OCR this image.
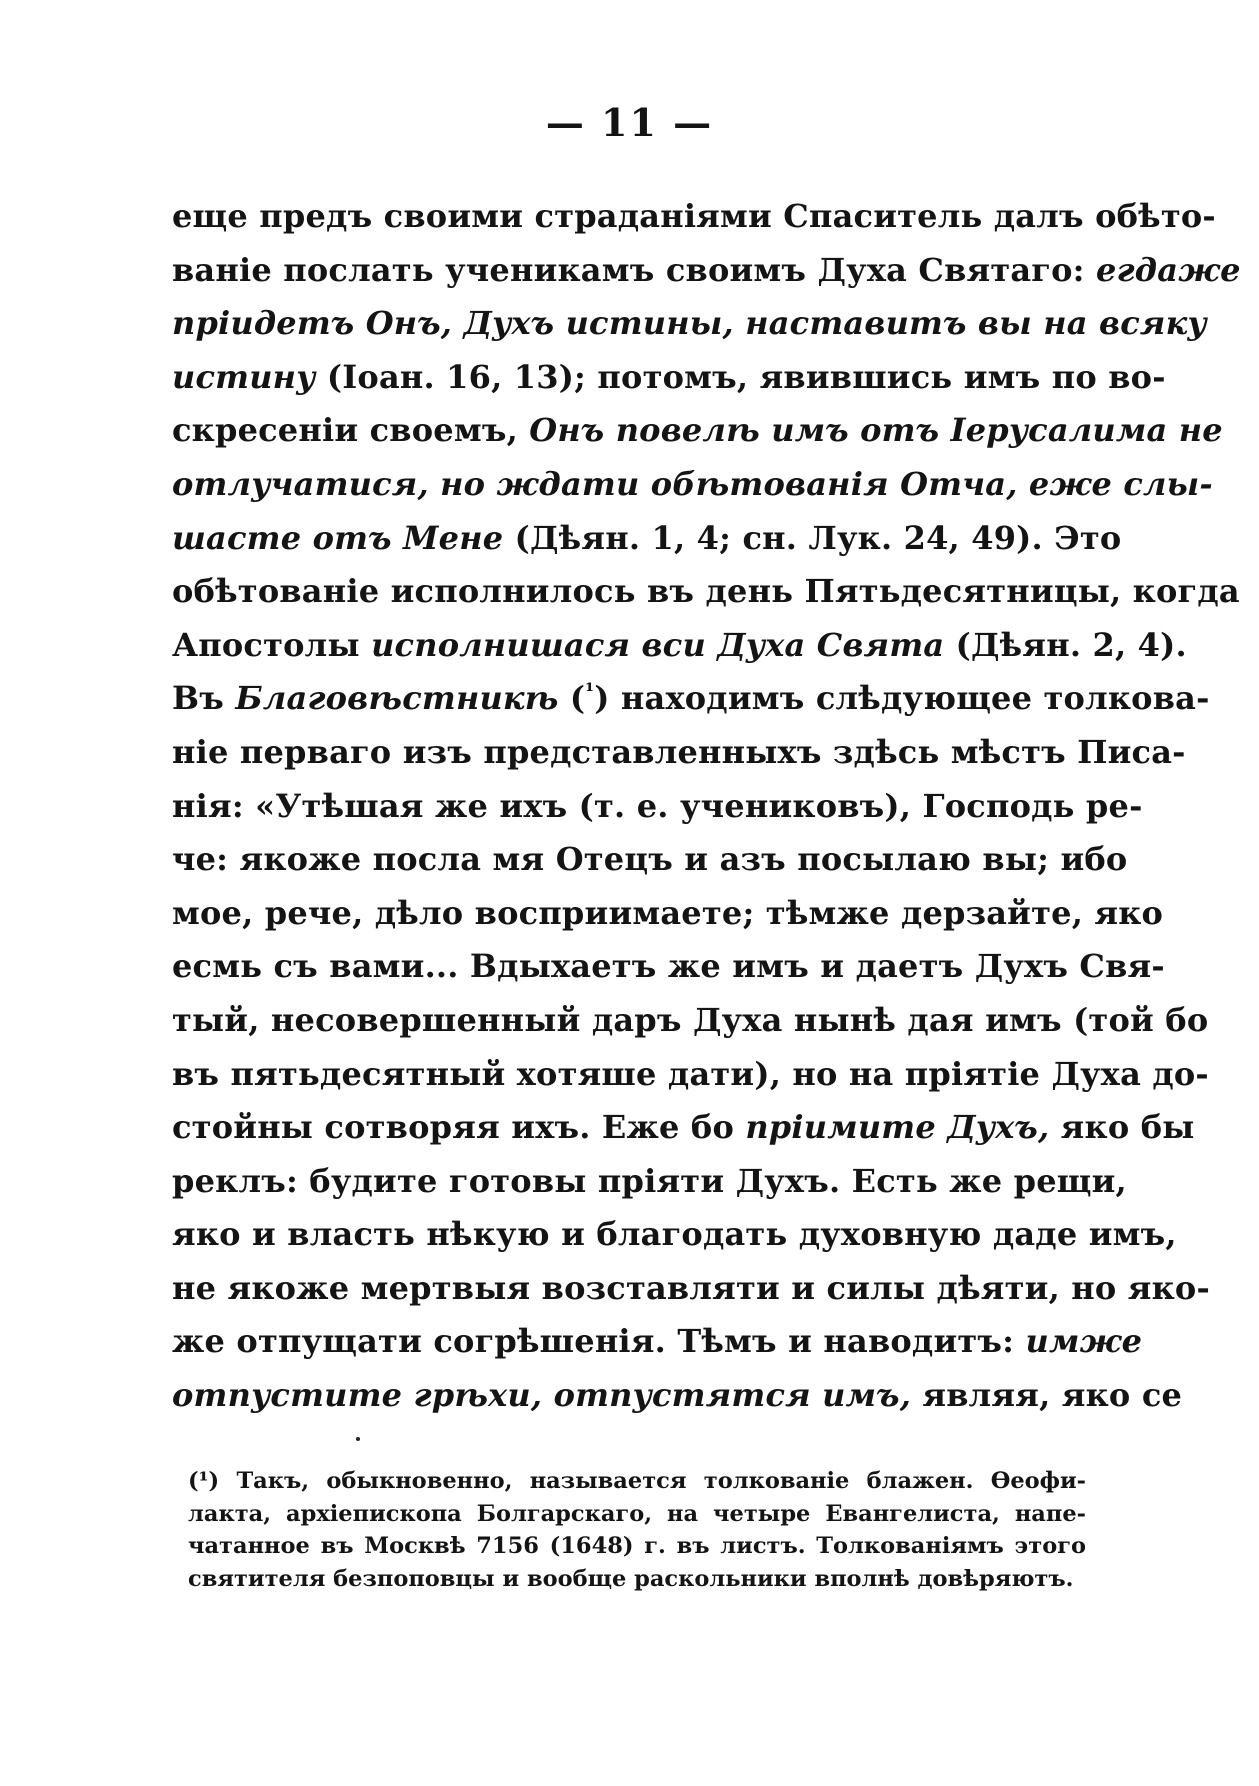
— 11 —
еще предъ своими страданіями Спаситель далъ обѣто-
ваніе послать ученикамъ своимъ Духа Святаго: егдаже
пріидетъ Онъ, Духъ истины, наставитъ вы на всяку
истину (Іоан. 16, 13); потомъ, явившись имъ по во-
скресеніи своемъ, Онъ повелѣ имъ отъ Іерусалима не
отлучатися, но ждати обѣтованія Отча, еже слы-
шасте отъ Мене (Дѣян. 1, 4; сн. Лук. 24, 49). Это
обѣтованіе исполнилось въ день Пятьдесятницы, когда
Апостолы исполнишася вси Духа Свята (Дѣян. 2, 4).
Въ Благовѣстникѣ ($^{^1}$) находимъ слѣдующее толкова-
ніе перваго изъ представленныхъ здѣсь мѣстъ Писа-
нія: «Утѣшая же ихъ (т. е. учениковъ), Господь ре-
че: якоже посла мя Отецъ и азъ посылаю вы; ибо
мое, рече, дѣло восприимаете; тѣмже дерзайте, яко
есмь съ вами... Вдыхаетъ же имъ и даетъ Духъ Свя-
тый, несовершенный даръ Духа нынѣ дая имъ (той бо
въ пятьдесятный хотяше дати), но на пріятіе Духа до-
стойны сотворяя ихъ. Еже бо пріимите Духъ, яко бы
реклъ: будите готовы пріяти Духъ. Есть же рещи,
яко и власть нѣкую и благодать духовную даде имъ,
не якоже мертвыя возставляти и силы дѣяти, но яко-
же отпущати согрѣшенія. Тѣмъ и наводитъ: имже
отпустите грѣхи, отпустятся имъ, являя, яко се
(¹) Такъ, обыкновенно, называется толкованіе блажен. Ѳеофи-
лакта, архіепископа Болгарскаго, на четыре Евангелиста, напе-
чатанное въ Москвѣ 7156 (1648) г. въ листъ. Толкованіямъ этого
святителя безпоповцы и вообще раскольники вполнѣ довѣряютъ.
